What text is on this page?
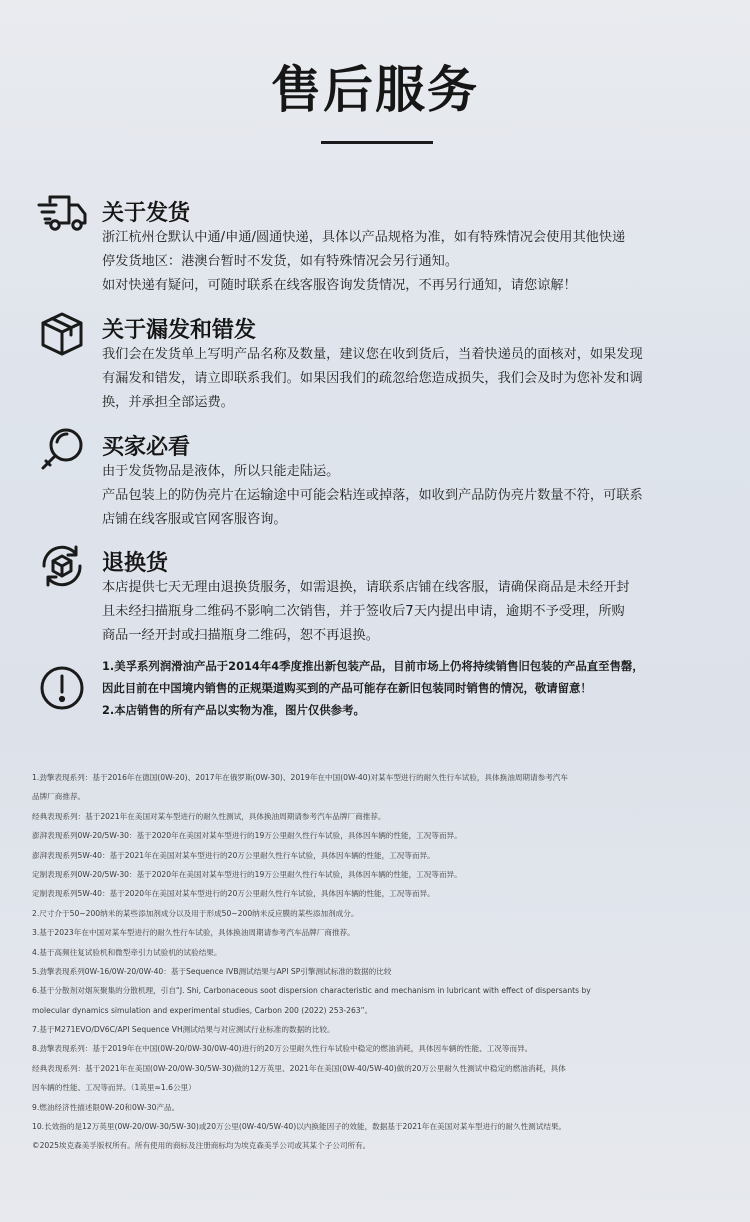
售后服务
关于发货
浙江杭州仓默认中通/申通/圆通快递，具体以产品规格为准，如有特殊情况会使用其他快递
停发货地区：港澳台暂时不发货，如有特殊情况会另行通知。
如对快递有疑问，可随时联系在线客服咨询发货情况，不再另行通知，请您谅解！
关于漏发和错发
我们会在发货单上写明产品名称及数量，建议您在收到货后，当着快递员的面核对，如果发现
有漏发和错发，请立即联系我们。如果因我们的疏忽给您造成损失，我们会及时为您补发和调
换，并承担全部运费。
买家必看
由于发货物品是液体，所以只能走陆运。
产品包装上的防伪亮片在运输途中可能会粘连或掉落，如收到产品防伪亮片数量不符，可联系
店铺在线客服或官网客服咨询。
退换货
本店提供七天无理由退换货服务，如需退换，请联系店铺在线客服，请确保商品是未经开封
且未经扫描瓶身二维码不影响二次销售，并于签收后7天内提出申请，逾期不予受理，所购
商品一经开封或扫描瓶身二维码，恕不再退换。
1.美孚系列润滑油产品于2014年4季度推出新包装产品，目前市场上仍将持续销售旧包装的产品直至售罄，
因此目前在中国境内销售的正规渠道购买到的产品可能存在新旧包装同时销售的情况，敬请留意！
2.本店销售的所有产品以实物为准，图片仅供参考。
1.劲擎表现系列：基于2016年在德国(0W-20)、2017年在俄罗斯(0W-30)、2019年在中国(0W-40)对某车型进行的耐久性行车试验，具体换油周期请参考汽车
品牌厂商推荐。
经典表现系列：基于2021年在美国对某车型进行的耐久性测试，具体换油周期请参考汽车品牌厂商推荐。
澎湃表现系列0W-20/5W-30：基于2020年在美国对某车型进行的19万公里耐久性行车试验，具体因车辆的性能，工况等而异。
澎湃表现系列5W-40：基于2021年在美国对某车型进行的20万公里耐久性行车试验，具体因车辆的性能，工况等而异。
定制表现系列0W-20/5W-30：基于2020年在美国对某车型进行的19万公里耐久性行车试验，具体因车辆的性能，工况等而异。
定制表现系列5W-40：基于2020年在美国对某车型进行的20万公里耐久性行车试验，具体因车辆的性能，工况等而异。
2.尺寸介于50~200纳米的某些添加剂成分以及用于形成50~200纳米反应膜的某些添加剂成分。
3.基于2023年在中国对某车型进行的耐久性行车试验，具体换油周期请参考汽车品牌厂商推荐。
4.基于高频往复试验机和微型牵引力试验机的试验结果。
5.劲擎表现系列0W-16/0W-20/0W-40：基于Sequence IVB测试结果与API SP引擎测试标准的数据的比较
6.基于分散剂对烟灰聚集的分散机理，引自“J. Shi, Carbonaceous soot dispersion characteristic and mechanism in lubricant with effect of dispersants by
molecular dynamics simulation and experimental studies, Carbon 200 (2022) 253-263”。
7.基于M271EVO/DV6C/API Sequence VH测试结果与对应测试行业标准的数据的比较。
8.劲擎表现系列：基于2019年在中国(0W-20/0W-30/0W-40)进行的20万公里耐久性行车试验中稳定的燃油消耗，具体因车辆的性能、工况等而异。
经典表现系列：基于2021年在美国(0W-20/0W-30/5W-30)做的12万英里、2021年在美国(0W-40/5W-40)做的20万公里耐久性测试中稳定的燃油消耗，具体
因车辆的性能、工况等而异。（1英里≈1.6公里）
9.燃油经济性描述限0W-20和0W-30产品。
10.长效指的是12万英里(0W-20/0W-30/5W-30)或20万公里(0W-40/5W-40)以内换能因子的效能，数据基于2021年在美国对某车型进行的耐久性测试结果。
©2025埃克森美孚版权所有。所有使用的商标及注册商标均为埃克森美孚公司或其某个子公司所有。
